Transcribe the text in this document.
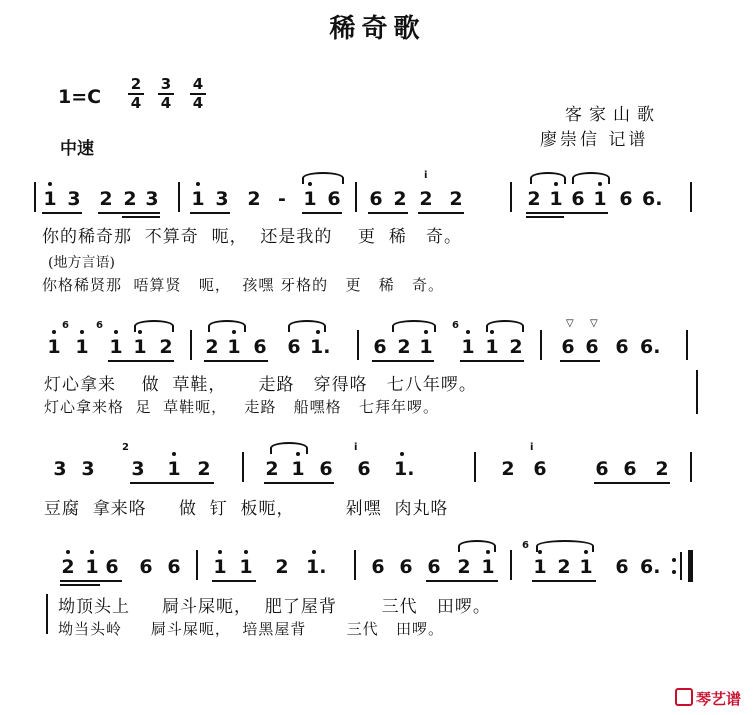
稀奇歌
1=C
2
4
3
4
4
4
中速
客家山歌
廖崇信 记谱
1 3 2 2 3 1 3 2 - 1 6 6 2
i
2 2	2 1 6 1 6 6.
你的稀奇那  不算奇  呃，  还是我的    更  稀   奇。
(地方言语)
你格稀贤那  唔算贤   呃，  孩嘿 牙格的   更   稀   奇。
6
1 1
6
1 1 2 2 1 6 6 1. 6 2 1
6
1 1 2
▽ ▽
6 6 6 6.
灯心拿来    做  草鞋，     走路   穿得咯   七八年啰。
灯心拿来格  足  草鞋呃，   走路   船嘿格   七拜年啰。
3 3
2
3 1 2	2 1 6
i
6 1.	2
i
6	6 6 2
豆腐  拿来咯     做  钉  板呃，        剁嘿  肉丸咯
2 1 6 6 6 1 1 2 1. 6 6 6 2 1
6
1 2 1 6 6.
坳顶头上     屙斗屎呃，  肥了屋背       三代   田啰。
坳当头岭     屙斗屎呃，  培黑屋背       三代   田啰。
琴艺谱
